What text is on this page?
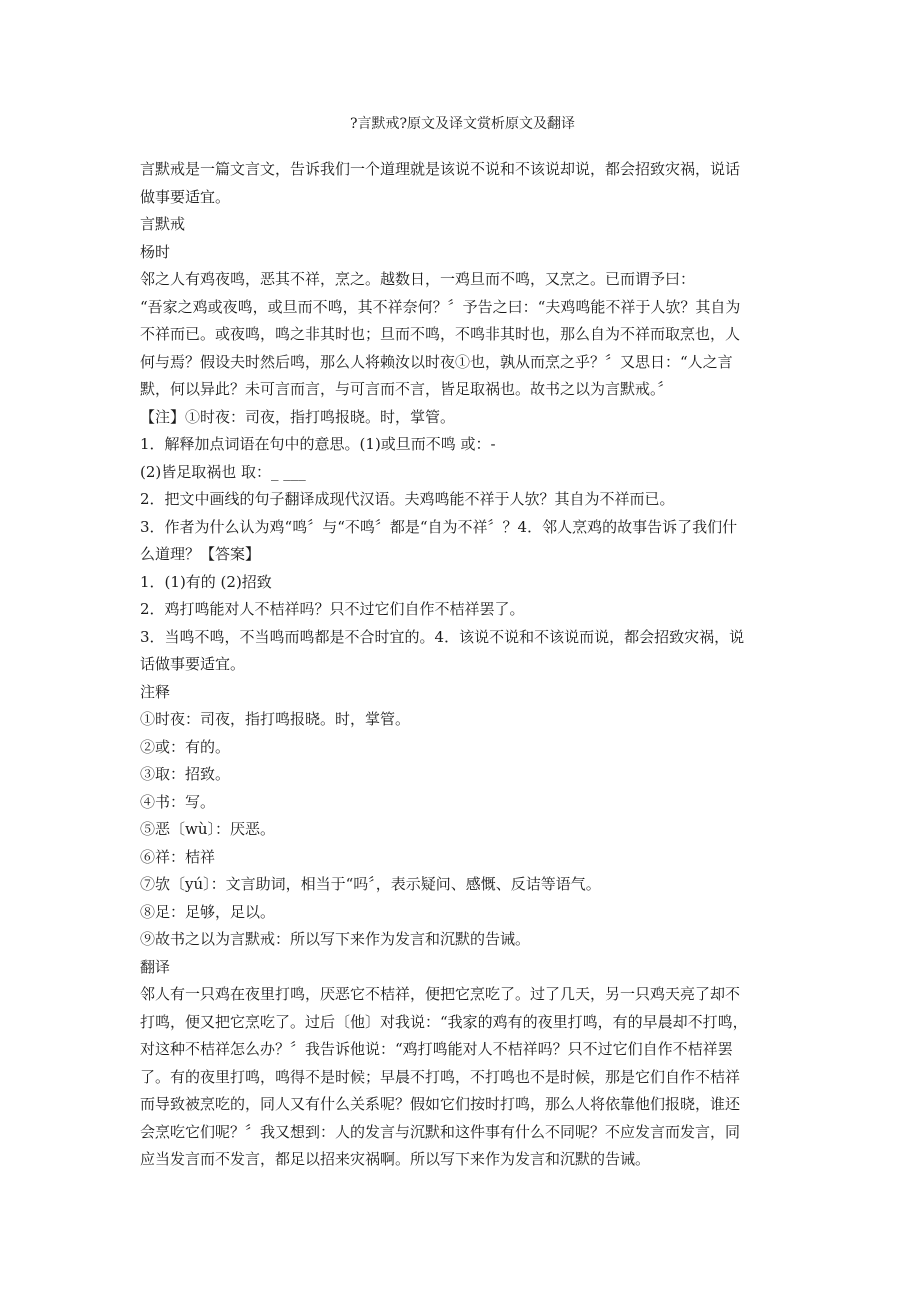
?言默戒?原文及译文赏析原文及翻译
言默戒是一篇文言文，告诉我们一个道理就是该说不说和不该说却说，都会招致灾祸，说话
做事要适宜。
言默戒
杨时
邻之人有鸡夜鸣，恶其不祥，烹之。越数日，一鸡旦而不鸣，又烹之。已而谓予曰：
“吾家之鸡或夜鸣，或旦而不鸣，其不祥奈何？〞予告之曰：“夫鸡鸣能不祥于人欤？其自为
不祥而已。或夜鸣，鸣之非其时也；旦而不鸣，不鸣非其时也，那么自为不祥而取烹也，人
何与焉？假设夫时然后鸣，那么人将赖汝以时夜①也，孰从而烹之乎？〞又思日：“人之言
默，何以异此？未可言而言，与可言而不言，皆足取祸也。故书之以为言默戒。〞
【注】①时夜：司夜，指打鸣报晓。时，掌管。
1．解释加点词语在句中的意思。(1)或旦而不鸣 或：-
(2)皆足取祸也 取：_ ___
2．把文中画线的句子翻译成现代汉语。夫鸡鸣能不祥于人欤？其自为不祥而已。
3．作者为什么认为鸡“鸣〞与“不鸣〞都是“自为不祥〞？4．邻人烹鸡的故事告诉了我们什
么道理？【答案】
1．(1)有的 (2)招致
2．鸡打鸣能对人不桔祥吗？只不过它们自作不桔祥罢了。
3．当鸣不鸣，不当鸣而鸣都是不合时宜的。4．该说不说和不该说而说，都会招致灾祸，说
话做事要适宜。
注释
①时夜：司夜，指打鸣报晓。时，掌管。
②或：有的。
③取：招致。
④书：写。
⑤恶〔wù〕：厌恶。
⑥祥：桔祥
⑦欤〔yú〕：文言助词，相当于“吗〞，表示疑问、感慨、反诘等语气。
⑧足：足够，足以。
⑨故书之以为言默戒：所以写下来作为发言和沉默的告诫。
翻译
邻人有一只鸡在夜里打鸣，厌恶它不桔祥，便把它烹吃了。过了几天，另一只鸡天亮了却不
打鸣，便又把它烹吃了。过后〔他〕对我说：“我家的鸡有的夜里打鸣，有的早晨却不打鸣，
对这种不桔祥怎么办？〞我告诉他说：“鸡打鸣能对人不桔祥吗？只不过它们自作不桔祥罢
了。有的夜里打鸣，鸣得不是时候；早晨不打鸣，不打鸣也不是时候，那是它们自作不桔祥
而导致被烹吃的，同人又有什么关系呢？假如它们按时打鸣，那么人将依靠他们报晓，谁还
会烹吃它们呢？〞我又想到：人的发言与沉默和这件事有什么不同呢？不应发言而发言，同
应当发言而不发言，都足以招来灾祸啊。所以写下来作为发言和沉默的告诫。
